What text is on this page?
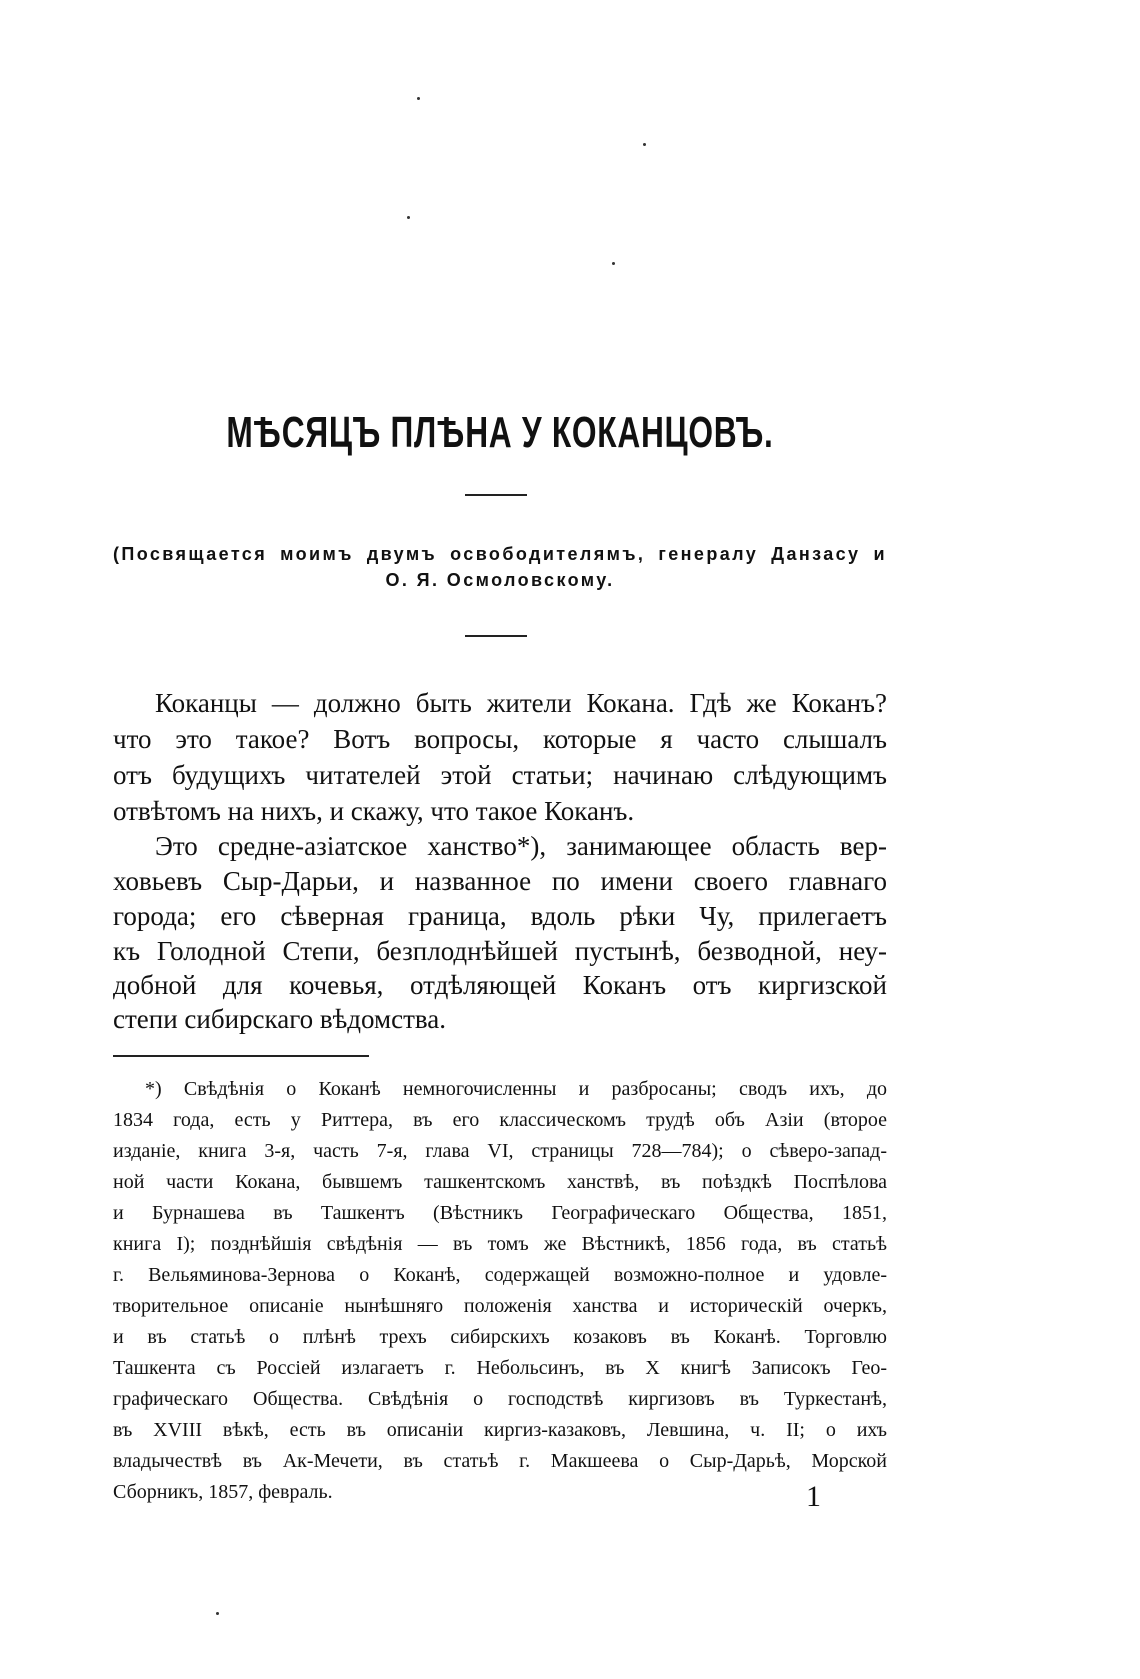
МѢСЯЦЪ ПЛѢНА У КОКАНЦОВЪ.
(Посвящается моимъ двумъ освободителямъ, генералу Данзасу и
О. Я. Осмоловскому.
Коканцы — должно быть жители Кокана. Гдѣ же Коканъ?
что это такое? Вотъ вопросы, которые я часто слышалъ
отъ будущихъ читателей этой статьи; начинаю слѣдующимъ
отвѣтомъ на нихъ, и скажу, что такое Коканъ.
Это средне-азіатское ханство*), занимающее область вер-
ховьевъ Сыр-Дарьи, и названное по имени своего главнаго
города; его сѣверная граница, вдоль рѣки Чу, прилегаетъ
къ Голодной Степи, безплоднѣйшей пустынѣ, безводной, неу-
добной для кочевья, отдѣляющей Коканъ отъ киргизской
степи сибирскаго вѣдомства.
*) Свѣдѣнія о Коканѣ немногочисленны и разбросаны; сводъ ихъ, до
1834 года, есть у Риттера, въ его классическомъ трудѣ объ Азіи (второе
изданіе, книга 3-я, часть 7-я, глава VI, страницы 728—784); о сѣверо-запад-
ной части Кокана, бывшемъ ташкентскомъ ханствѣ, въ поѣздкѣ Поспѣлова
и Бурнашева въ Ташкентъ (Вѣстникъ Географическаго Общества, 1851,
книга I); позднѣйшія свѣдѣнія — въ томъ же Вѣстникѣ, 1856 года, въ статьѣ
г. Вельяминова-Зернова о Коканѣ, содержащей возможно-полное и удовле-
творительное описаніе нынѣшняго положенія ханства и историческій очеркъ,
и въ статьѣ о плѣнѣ трехъ сибирскихъ козаковъ въ Коканѣ. Торговлю
Ташкента съ Россіей излагаетъ г. Небольсинъ, въ X книгѣ Записокъ Гео-
графическаго Общества. Свѣдѣнія о господствѣ киргизовъ въ Туркестанѣ,
въ XVIII вѣкѣ, есть въ описаніи киргиз-казаковъ, Левшина, ч. II; о ихъ
владычествѣ въ Ак-Мечети, въ статьѣ г. Макшеева о Сыр-Дарьѣ, Морской
Сборникъ, 1857, февраль.	1
